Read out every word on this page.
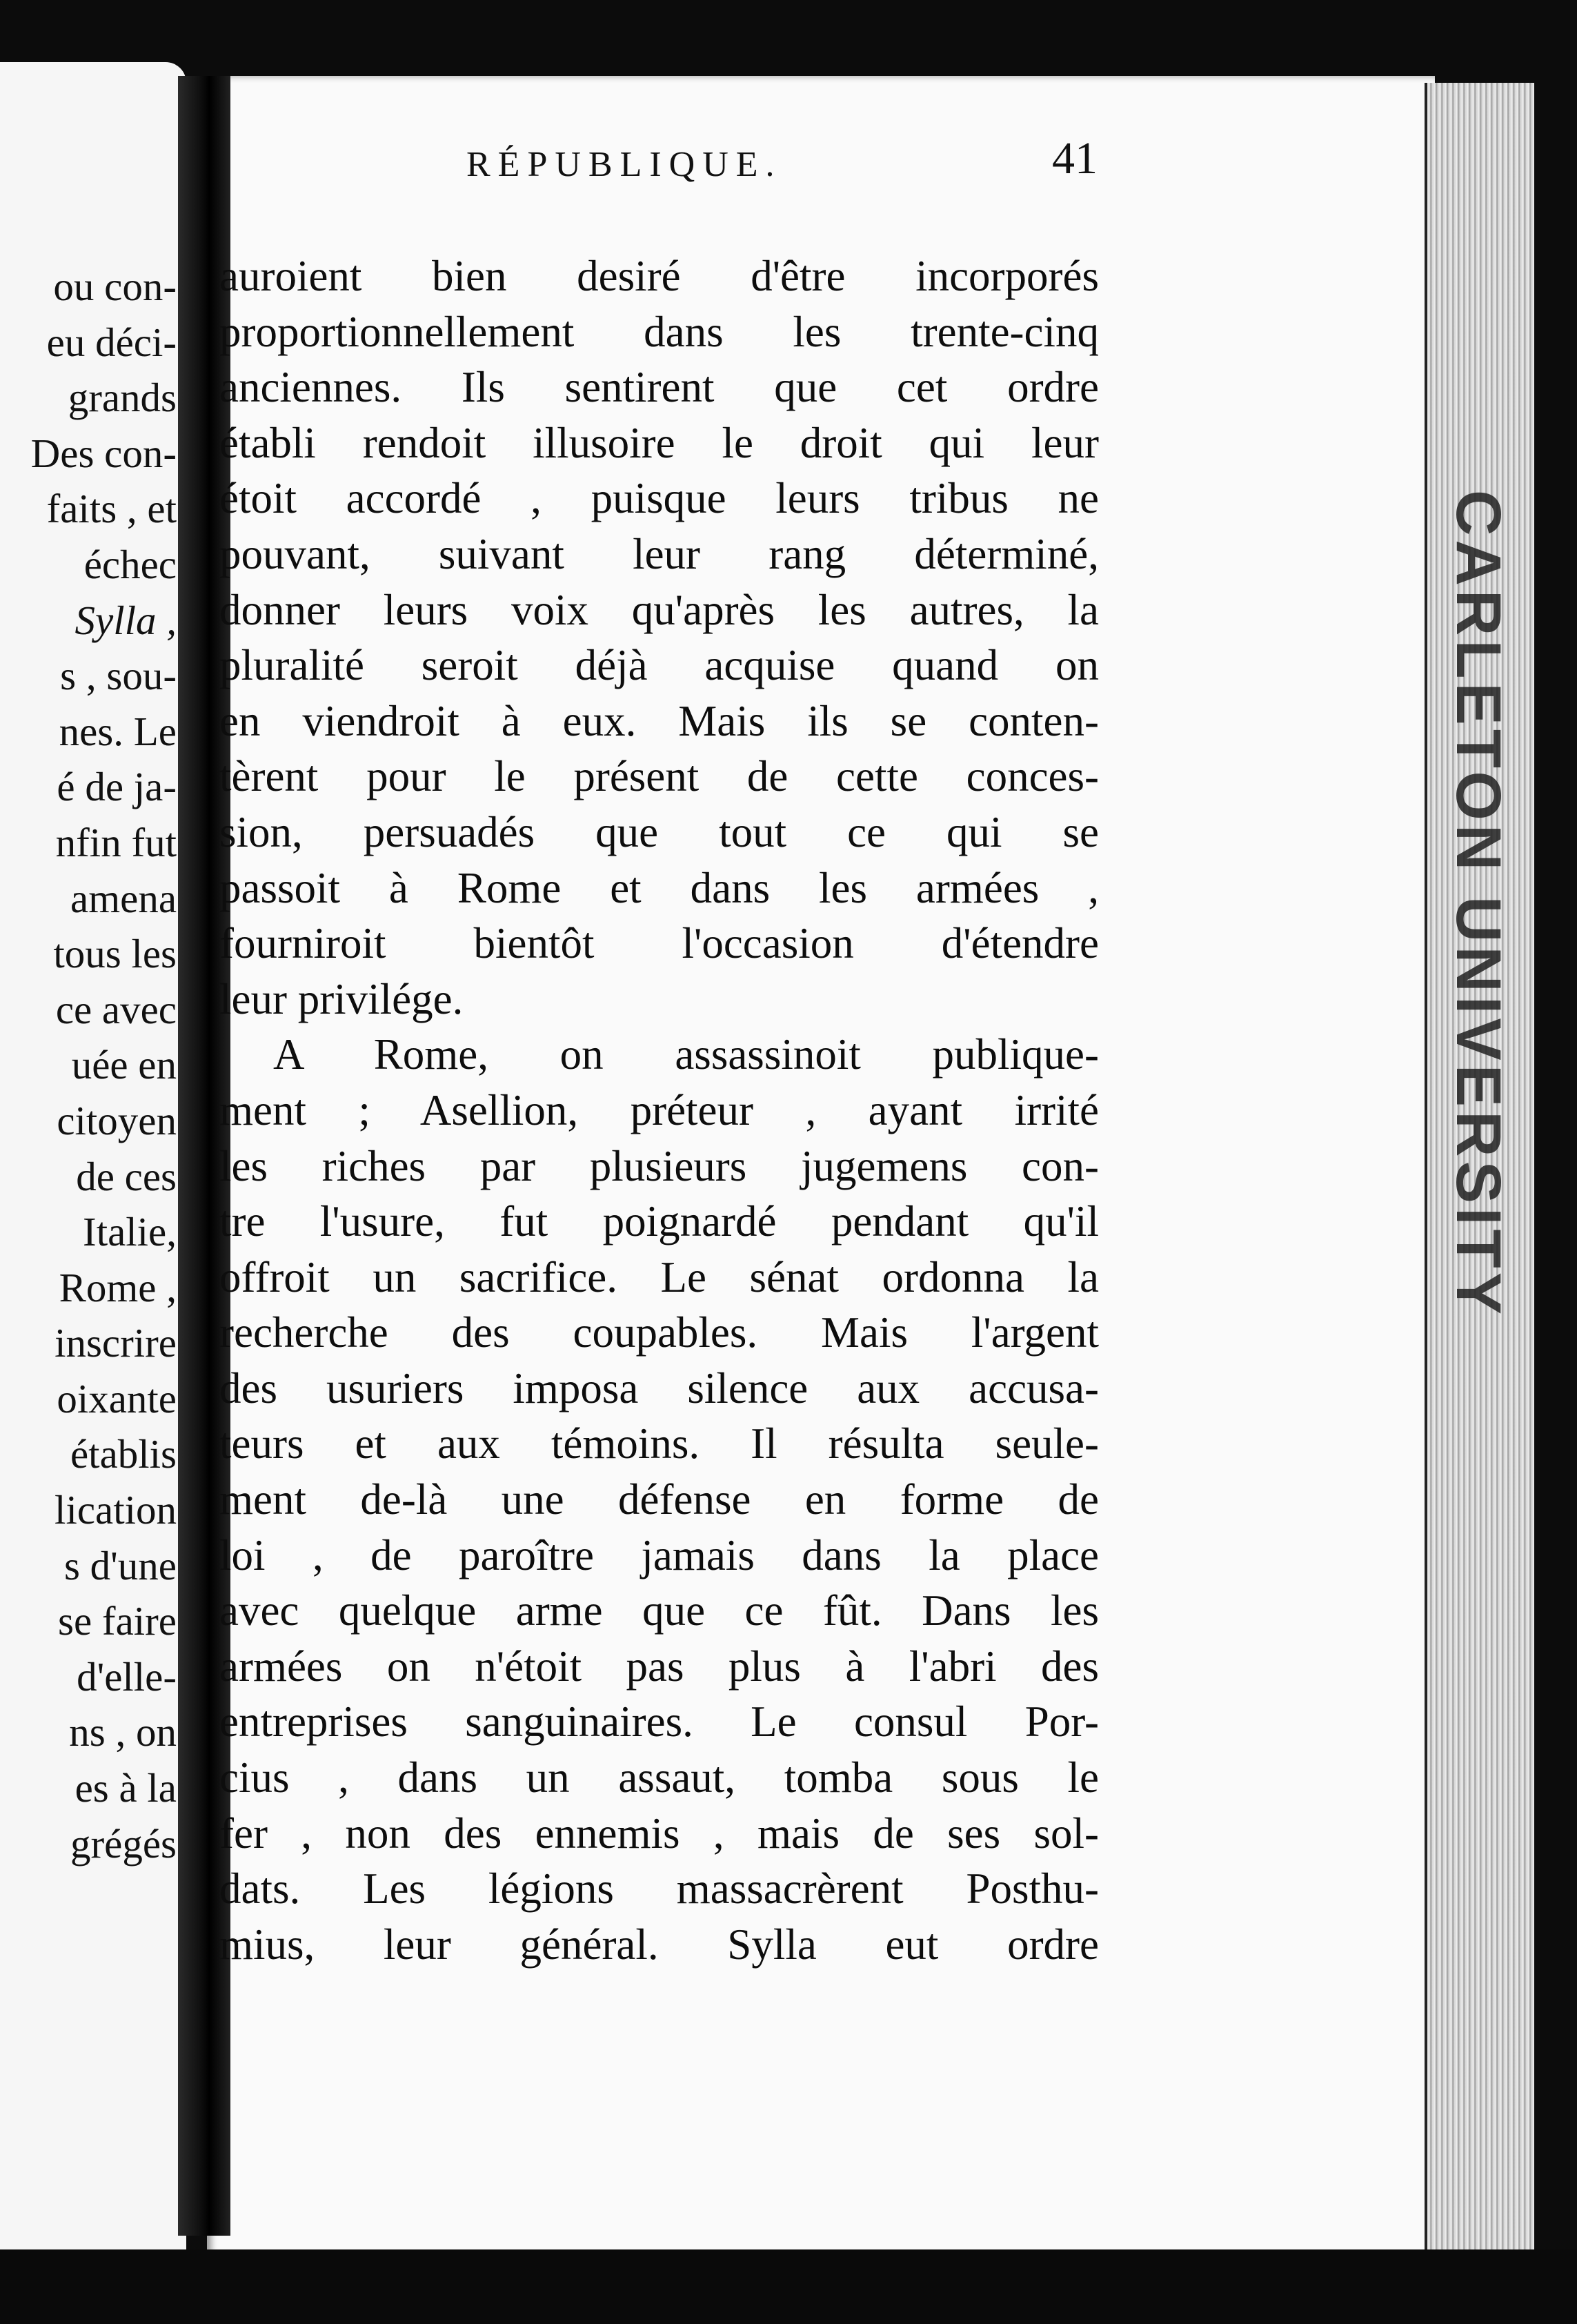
ou con-
eu déci-
grands
Des con-
faits , et
échec
Sylla ,
s , sou-
nes. Le
é de ja-
nfin fut
amena
tous les
ce avec
uée en
citoyen
de ces
Italie,
Rome ,
inscrire
oixante
établis
lication
s d'une
se faire
d'elle-
ns , on
es à la
grégés
RÉPUBLIQUE.	41
auroient bien desiré d'être incorporés
proportionnellement dans les trente-cinq
anciennes. Ils sentirent que cet ordre
établi rendoit illusoire le droit qui leur
étoit accordé , puisque leurs tribus ne
pouvant, suivant leur rang déterminé,
donner leurs voix qu'après les autres, la
pluralité seroit déjà acquise quand on
en viendroit à eux. Mais ils se conten-
tèrent pour le présent de cette conces-
sion, persuadés que tout ce qui se
passoit à Rome et dans les armées ,
fourniroit bientôt l'occasion d'étendre
leur privilége.
A Rome, on assassinoit publique-
ment ; Asellion, préteur , ayant irrité
les riches par plusieurs jugemens con-
tre l'usure, fut poignardé pendant qu'il
offroit un sacrifice. Le sénat ordonna la
recherche des coupables. Mais l'argent
des usuriers imposa silence aux accusa-
teurs et aux témoins. Il résulta seule-
ment de-là une défense en forme de
loi , de paroître jamais dans la place
avec quelque arme que ce fût. Dans les
armées on n'étoit pas plus à l'abri des
entreprises sanguinaires. Le consul Por-
cius , dans un assaut, tomba sous le
fer , non des ennemis , mais de ses sol-
dats. Les légions massacrèrent Posthu-
mius, leur général. Sylla eut ordre
CARLETON UNIVERSITY
